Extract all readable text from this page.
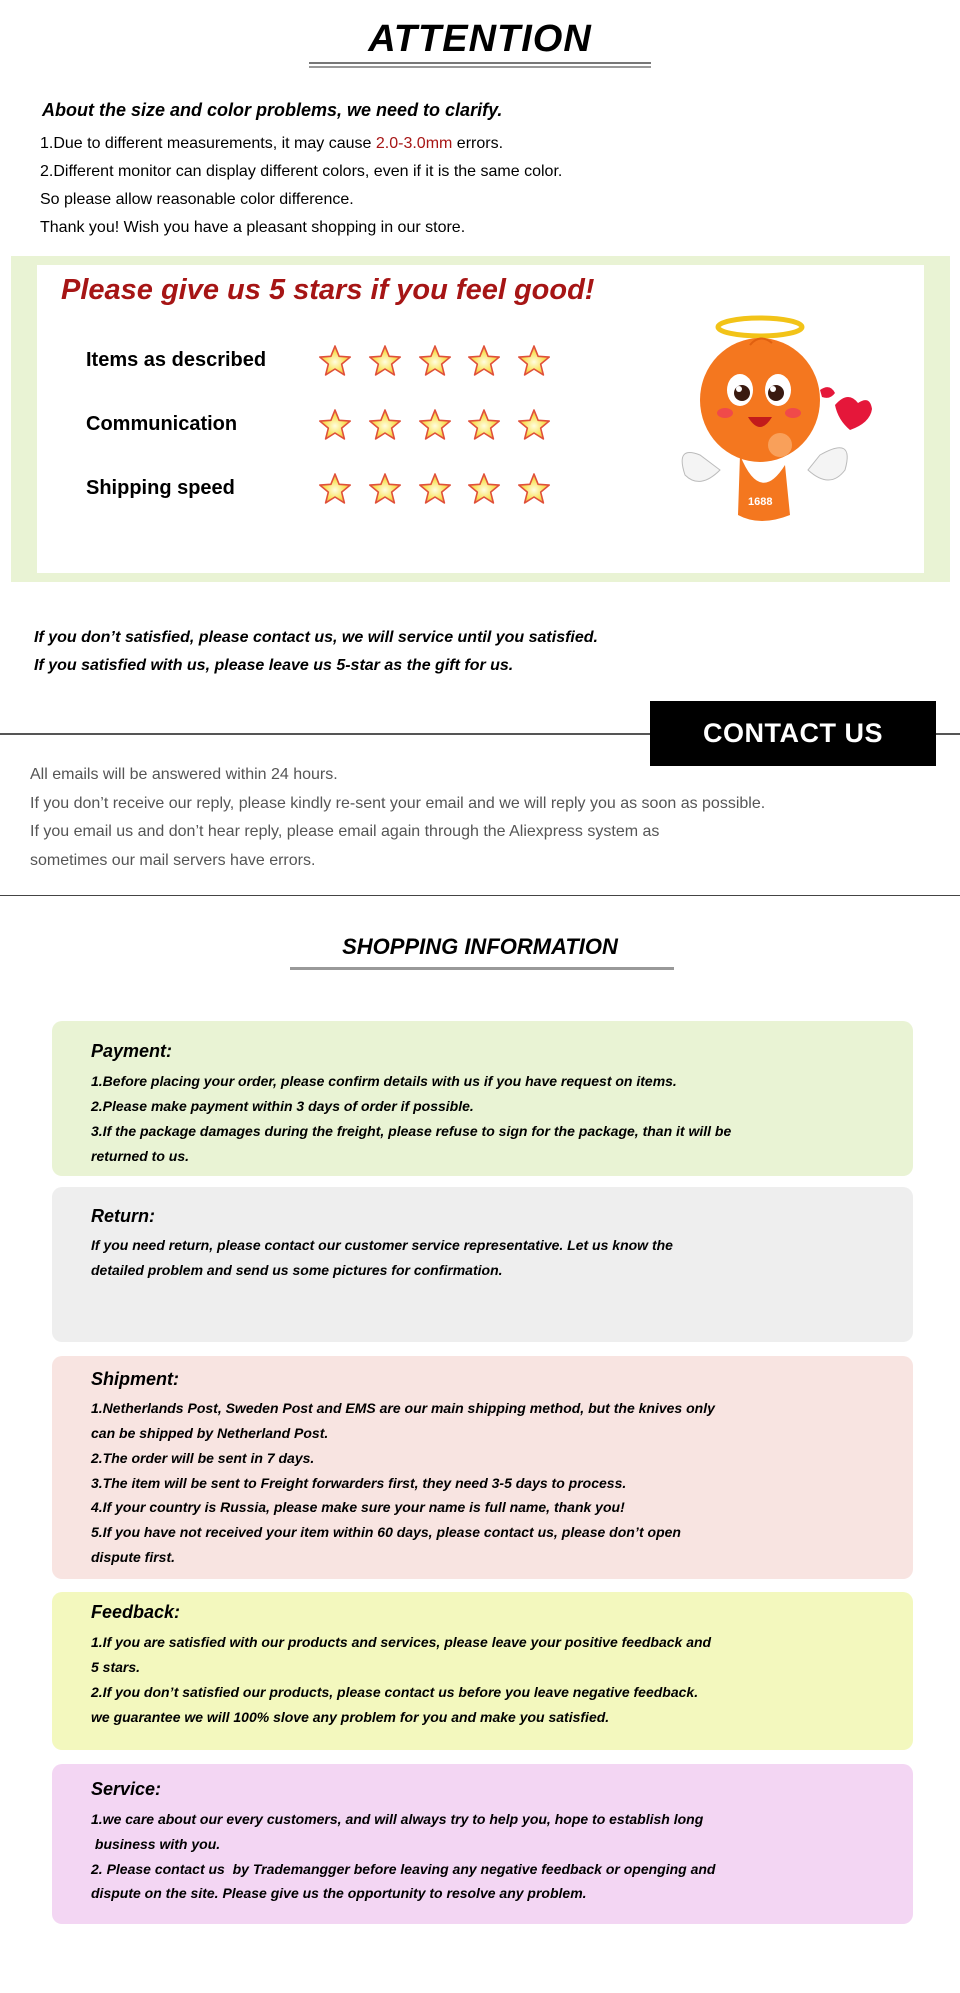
ATTENTION
About the size and color problems, we need to clarify.
1.Due to different measurements, it may cause 2.0-3.0mm errors.
2.Different monitor can display different colors, even if it is the same color.
So please allow reasonable color difference.
Thank you! Wish you have a pleasant shopping in our store.
Please give us 5 stars if you feel good!
Items as described
Communication
Shipping speed
1688
If you don’t satisfied, please contact us, we will service until you satisfied.
If you satisfied with us, please leave us 5-star as the gift for us.
CONTACT US
All emails will be answered within 24 hours.
If you don’t receive our reply, please kindly re-sent your email and we will reply you as soon as possible.
If you email us and don’t hear reply, please email again through the Aliexpress system as
sometimes our mail servers have errors.
SHOPPING INFORMATION
Payment:
1.Before placing your order, please confirm details with us if you have request on items.
2.Please make payment within 3 days of order if possible.
3.If the package damages during the freight, please refuse to sign for the package, than it will be
returned to us.
Return:
If you need return, please contact our customer service representative. Let us know the
detailed problem and send us some pictures for confirmation.
Shipment:
1.Netherlands Post, Sweden Post and EMS are our main shipping method, but the knives only
can be shipped by Netherland Post.
2.The order will be sent in 7 days.
3.The item will be sent to Freight forwarders first, they need 3-5 days to process.
4.If your country is Russia, please make sure your name is full name, thank you!
5.If you have not received your item within 60 days, please contact us, please don’t open
dispute first.
Feedback:
1.If you are satisfied with our products and services, please leave your positive feedback and
5 stars.
2.If you don’t satisfied our products, please contact us before you leave negative feedback.
we guarantee we will 100% slove any problem for you and make you satisfied.
Service:
1.we care about our every customers, and will always try to help you, hope to establish long
business with you.
2. Please contact us  by Trademangger before leaving any negative feedback or openging and
dispute on the site. Please give us the opportunity to resolve any problem.
